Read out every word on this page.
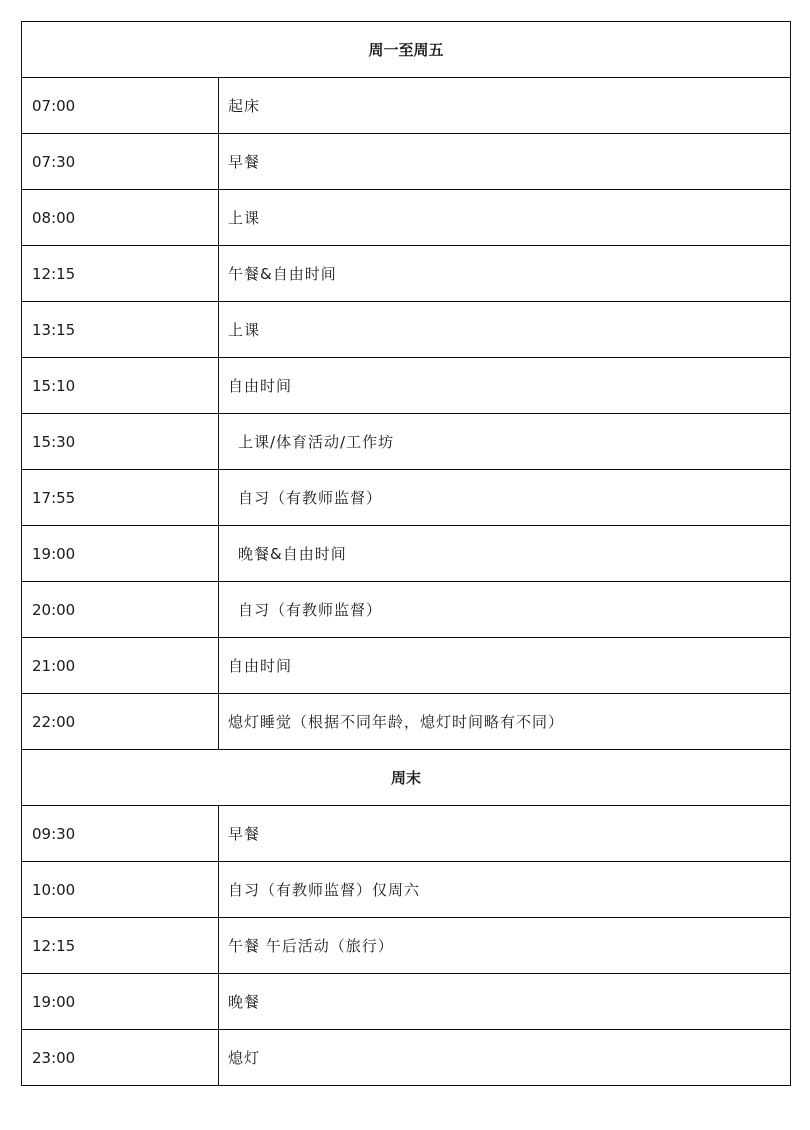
周一至周五	
07:00	起床
07:30	早餐
08:00	上课
12:15	午餐&自由时间
13:15	上课
15:10	自由时间
15:30	上课/体育活动/工作坊
17:55	自习（有教师监督）
19:00	晚餐&自由时间
20:00	自习（有教师监督）
21:00	自由时间
22:00	熄灯睡觉（根据不同年龄，熄灯时间略有不同）
周末	
09:30	早餐
10:00	自习（有教师监督）仅周六
12:15	午餐 午后活动（旅行）
19:00	晚餐
23:00	熄灯
